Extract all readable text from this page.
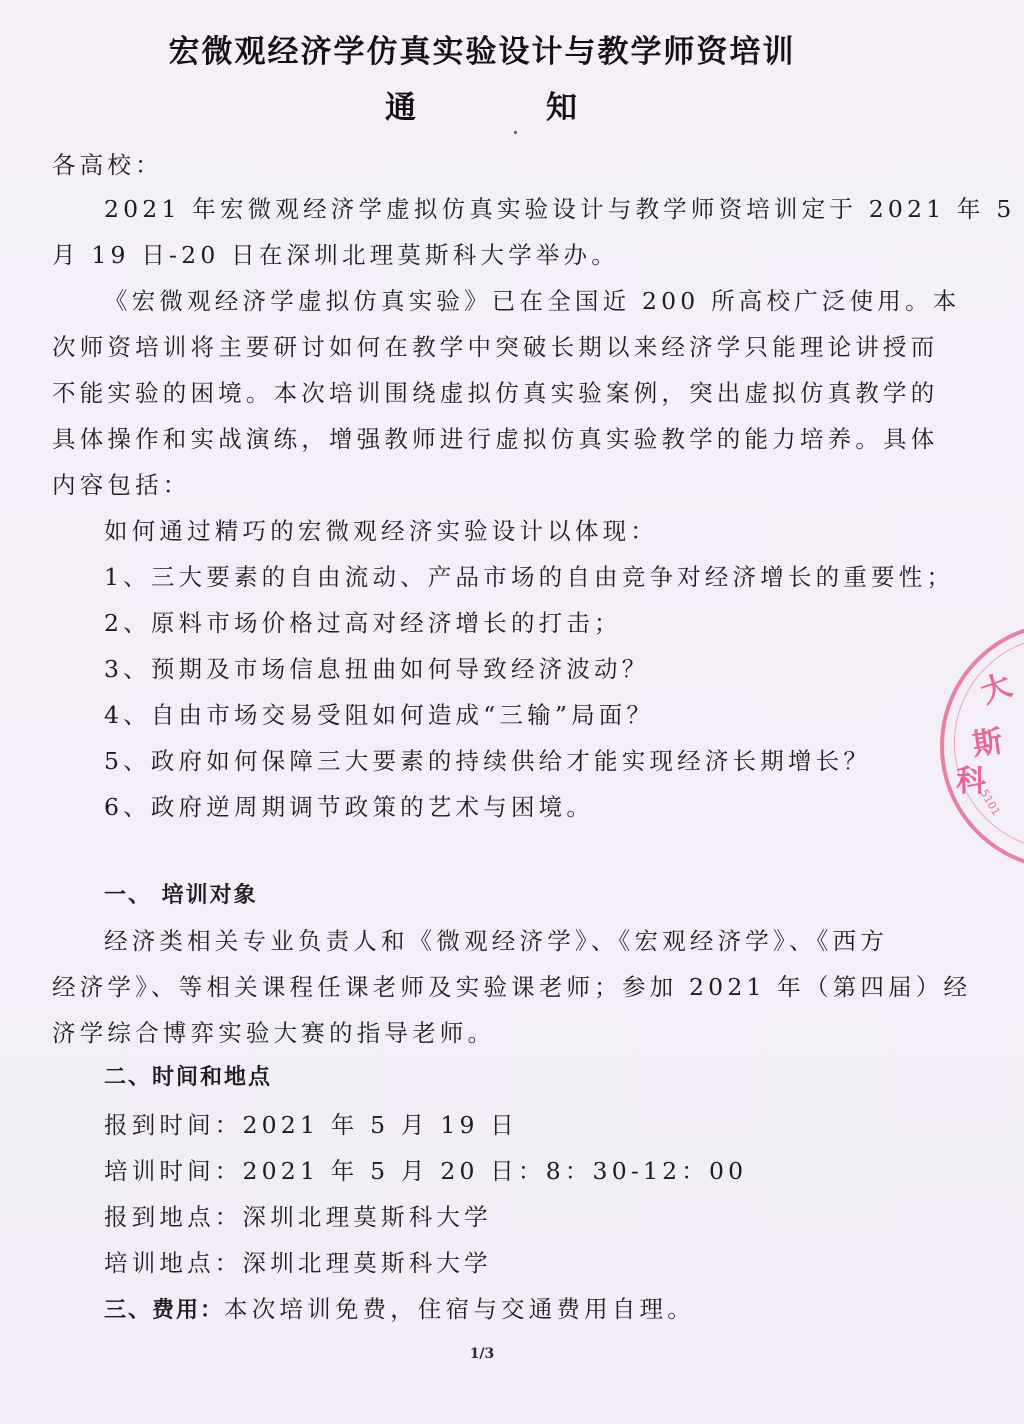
宏微观经济学仿真实验设计与教学师资培训
通	知
各高校：
2021 年宏微观经济学虚拟仿真实验设计与教学师资培训定于 2021 年 5
月 19 日-20 日在深圳北理莫斯科大学举办。
《宏微观经济学虚拟仿真实验》已在全国近 200 所高校广泛使用。本
次师资培训将主要研讨如何在教学中突破长期以来经济学只能理论讲授而
不能实验的困境。本次培训围绕虚拟仿真实验案例，突出虚拟仿真教学的
具体操作和实战演练，增强教师进行虚拟仿真实验教学的能力培养。具体
内容包括：
如何通过精巧的宏微观经济实验设计以体现：
1、三大要素的自由流动、产品市场的自由竞争对经济增长的重要性；
2、原料市场价格过高对经济增长的打击；
3、预期及市场信息扭曲如何导致经济波动？
4、自由市场交易受阻如何造成“三输”局面？
5、政府如何保障三大要素的持续供给才能实现经济长期增长？
6、政府逆周期调节政策的艺术与困境。
一、 培训对象
经济类相关专业负责人和《微观经济学》、《宏观经济学》、《西方
经济学》、等相关课程任课老师及实验课老师；参加 2021 年（第四届）经
济学综合博弈实验大赛的指导老师。
二、时间和地点
报到时间：2021 年 5 月 19 日
培训时间：2021 年 5 月 20 日：8：30-12：00
报到地点：深圳北理莫斯科大学
培训地点：深圳北理莫斯科大学
三、费用：本次培训免费，住宿与交通费用自理。
1/3
大
斯
科
5101
